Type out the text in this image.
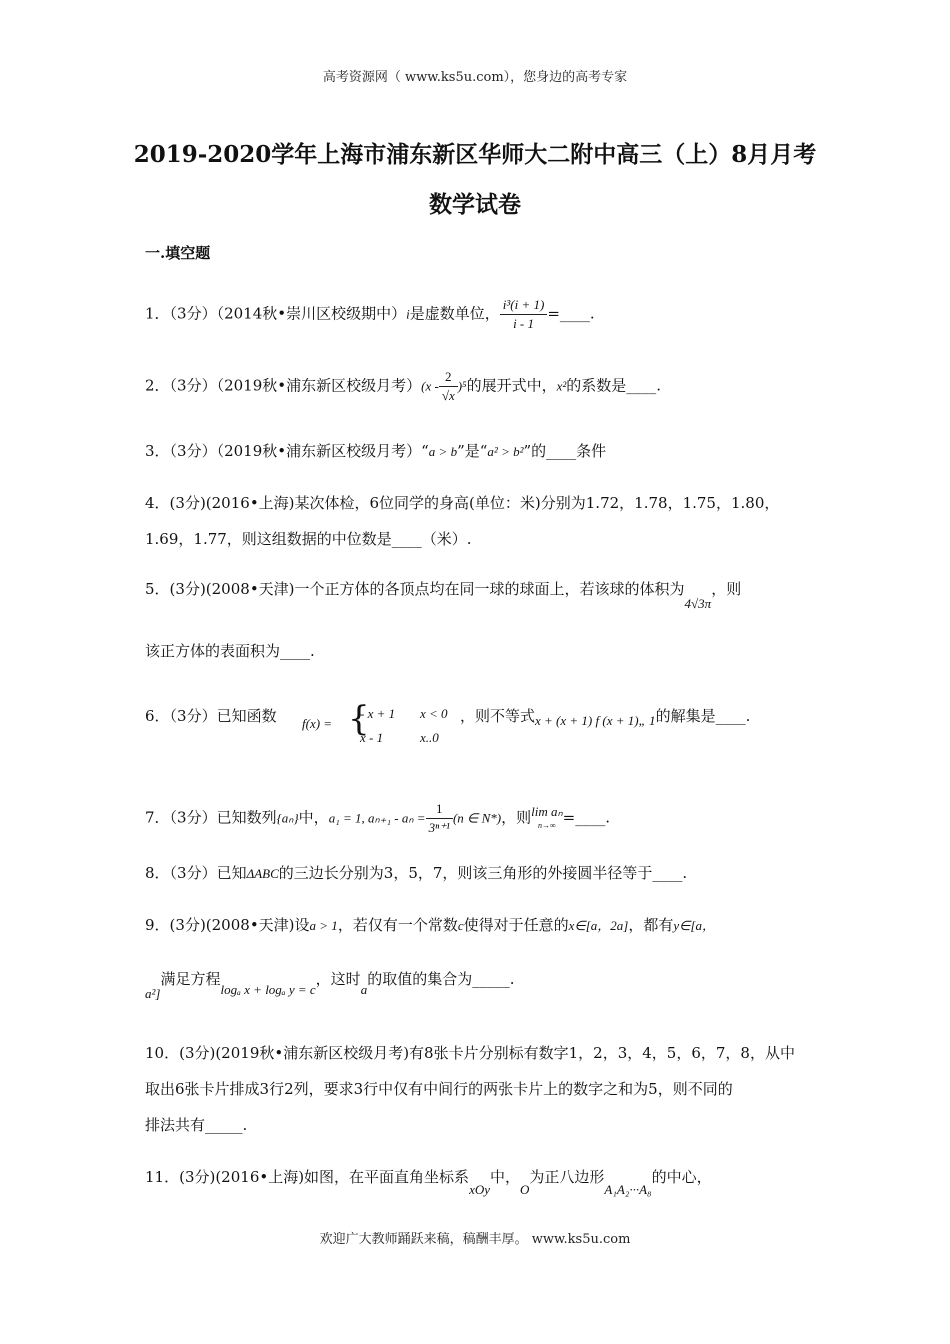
高考资源网（ www.ks5u.com），您身边的高考专家
2019-2020学年上海市浦东新区华师大二附中高三（上）8月月考
数学试卷
一.填空题
1．（3分）（2014秋•崇川区校级期中）i是虚数单位， $\frac{\text{i³(i + 1)}}{i - 1}$ =____.
2．（3分）（2019秋•浦东新区校级月考）$(x - \frac{2}{√x} )^5$的展开式中，x²的系数是____.
3．（3分）（2019秋•浦东新区校级月考）“a > b”是“a² > b²”的____条件
4．(3分)(2016•上海)某次体检，6位同学的身高(单位：米)分别为1.72，1.78，1.75，1.80，
1.69，1.77，则这组数据的中位数是____（米）.
5．(3分)(2008•天津)一个正方体的各顶点均在同一球的球面上，若该球的体积为4√3π，则
该正方体的表面积为____.
6．（3分）已知函数 f(x) = {
- x + 1 x < 0
x - 1	x..0
，则不等式x + (x + 1) f (x + 1)„ 1的解集是____.
7．（3分）已知数列{aₙ}中，a₁ = 1, $a_{n+1} - a_n = \frac{1}{\text{3ⁿ⁺¹}} (n$ ∈ N*)，则 lim aₙ
n→∞ =____.
8．（3分）已知ΔABC的三边长分别为3，5，7，则该三角形的外接圆半径等于____.
9．(3分)(2008•天津)设a > 1，若仅有一个常数c使得对于任意的x∈[a，2a]，都有y∈[a，
a²]满足方程logₐ x + logₐ y = c，这时a的取值的集合为_____.
10．(3分)(2019秋•浦东新区校级月考)有8张卡片分别标有数字1，2，3，4，5，6，7，8，从中
取出6张卡片排成3行2列，要求3行中仅有中间行的两张卡片上的数字之和为5，则不同的
排法共有_____.
11．(3分)(2016•上海)如图，在平面直角坐标系xOy中，O为正八边形A₁A₂···A₈的中心，
欢迎广大教师踊跃来稿，稿酬丰厚。 www.ks5u.com
